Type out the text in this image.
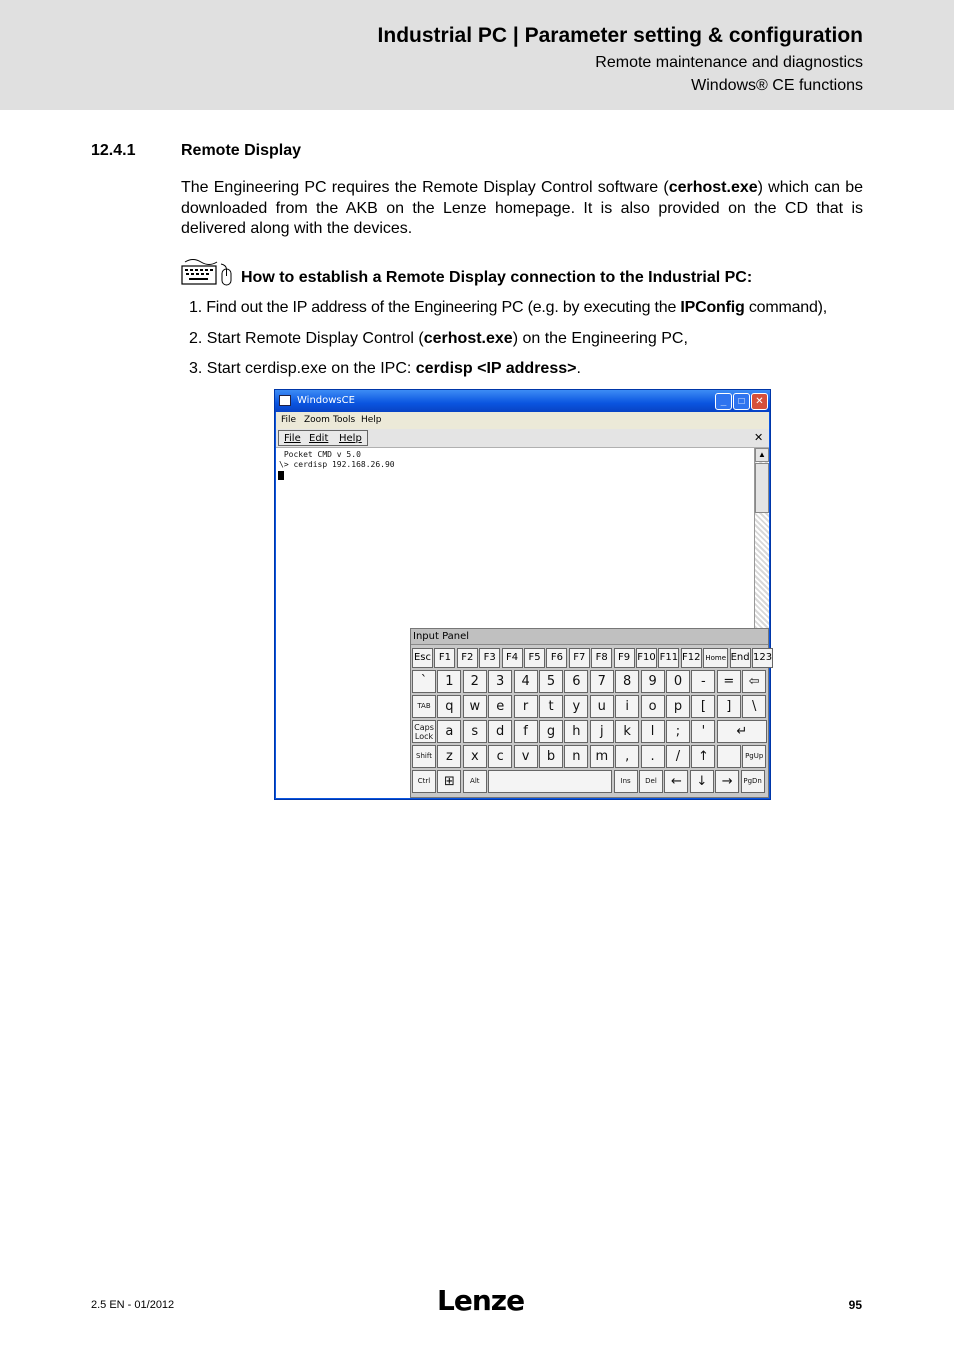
Industrial PC | Parameter setting & configuration
Remote maintenance and diagnostics
Windows® CE functions
12.4.1	Remote Display

The Engineering PC requires the Remote Display Control software (cerhost.exe) which can be downloaded from the AKB on the Lenze homepage. It is also provided on the CD that is delivered along with the devices.

How to establish a Remote Display connection to the Industrial PC:
1. Find out the IP address of the Engineering PC (e.g. by executing the IPConfig command),
2. Start Remote Display Control (cerhost.exe) on the Engineering PC,
3. Start cerdisp.exe on the IPC: cerdisp <IP address>.
WindowsCE	_	□	✕
File Zoom Tools Help
File Edit Help	✕
Pocket CMD v 5.0
\> cerdisp 192.168.26.90
▲
Input Panel
Esc F1	F2	F3	F4	F5	F6	F7	F8	F9 F10 F11 F12 Home End 123
`	1	2	3	4	5	6	7	8	9	0	-	=	⇦
TAB	q	w	e	r	t	y	u	i	o	p	[	]	\
Caps Lock a	s	d	f	g	h	j	k	l	;	'	↵
Shift	z	x	c	v	b	n	m	,	.	/	↑	PgUp
Ctrl	⊞	Alt	Ins	Del	←	↓	→	PgDn
2.5 EN - 01/2012	Lenze	95
